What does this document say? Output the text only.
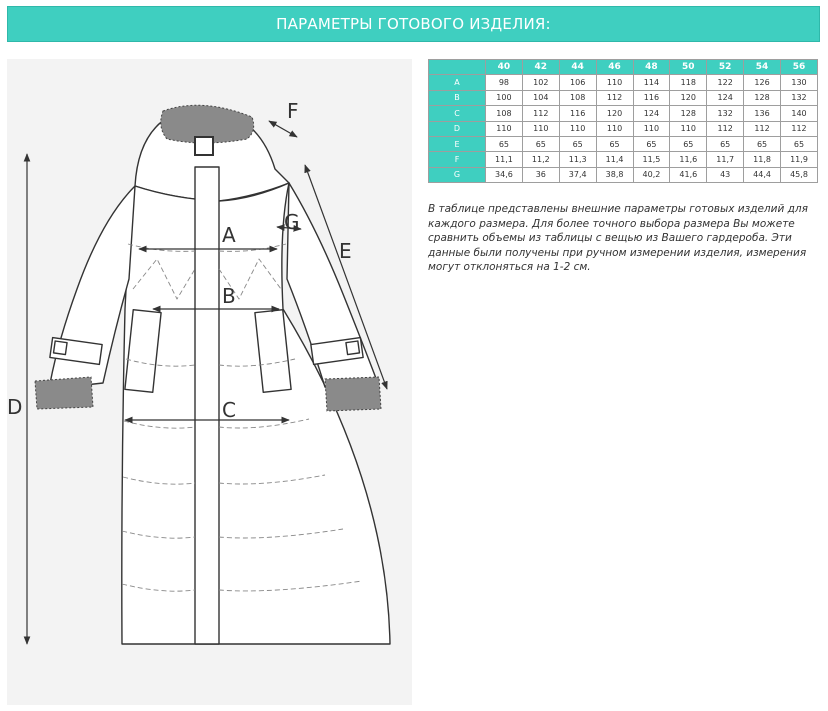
ПАРАМЕТРЫ ГОТОВОГО ИЗДЕЛИЯ:
A
B
C
D
E
F
G
	40	42	44	46	48	50	52	54	56
A	98	102	106	110	114	118	122	126	130
B	100	104	108	112	116	120	124	128	132
C	108	112	116	120	124	128	132	136	140
D	110	110	110	110	110	110	112	112	112
E	65	65	65	65	65	65	65	65	65
F	11,1	11,2	11,3	11,4	11,5	11,6	11,7	11,8	11,9
G	34,6	36	37,4	38,8	40,2	41,6	43	44,4	45,8

В таблице представлены внешние параметры готовых изделий для каждого размера. Для более точного выбора размера Вы можете сравнить объемы из таблицы с вещью из Вашего гардероба. Эти данные были получены при ручном измерении изделия, измерения могут отклоняться на 1-2 см.
